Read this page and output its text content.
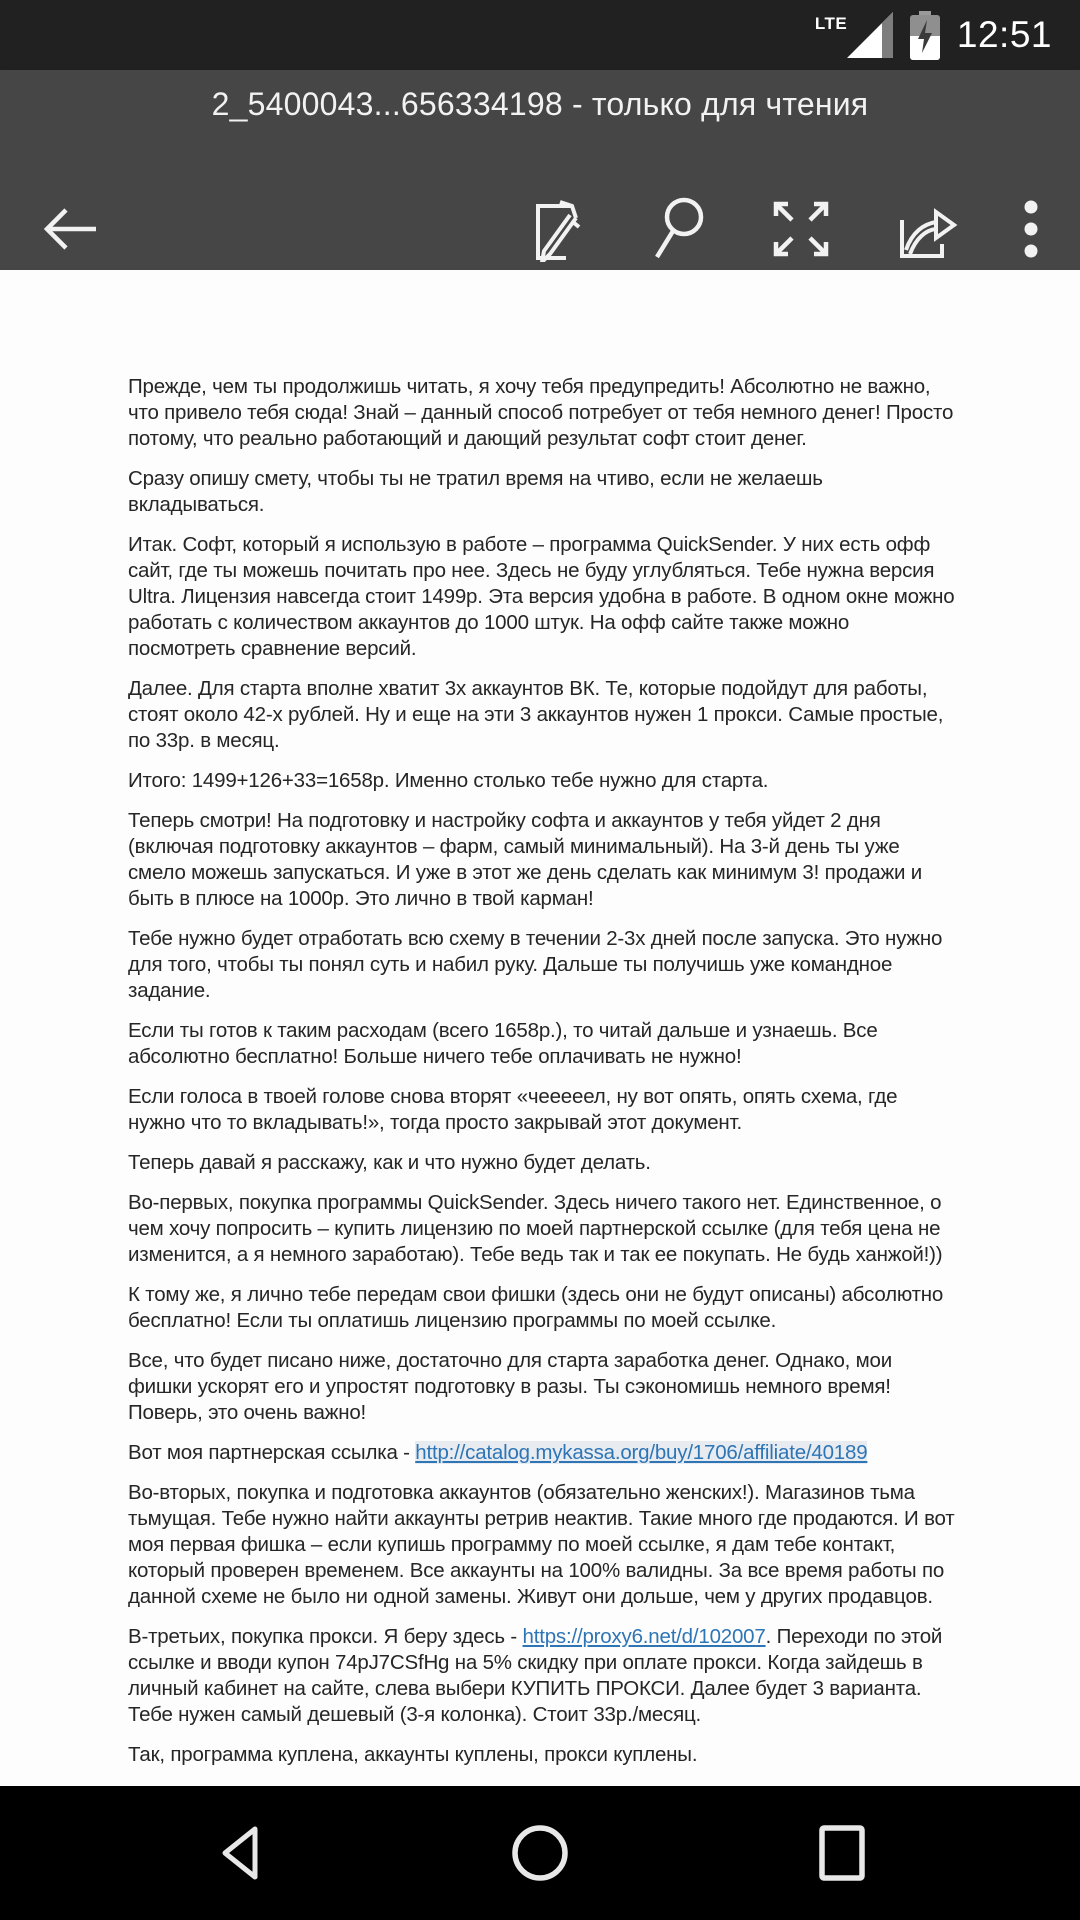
LTE	12:51
2_5400043...656334198 - только для чтения

Прежде, чем ты продолжишь читать, я хочу тебя предупредить! Абсолютно не важно, что привело тебя сюда! Знай – данный способ потребует от тебя немного денег! Просто потому, что реально работающий и дающий результат софт стоит денег.

Сразу опишу смету, чтобы ты не тратил время на чтиво, если не желаешь вкладываться.

Итак. Софт, который я использую в работе – программа QuickSender. У них есть офф сайт, где ты можешь почитать про нее. Здесь не буду углубляться. Тебе нужна версия Ultra. Лицензия навсегда стоит 1499р. Эта версия удобна в работе. В одном окне можно работать с количеством аккаунтов до 1000 штук. На офф сайте также можно посмотреть сравнение версий.

Далее. Для старта вполне хватит 3х аккаунтов ВК. Те, которые подойдут для работы, стоят около 42-х рублей. Ну и еще на эти 3 аккаунтов нужен 1 прокси. Самые простые, по 33р. в месяц.

Итого: 1499+126+33=1658р. Именно столько тебе нужно для старта.

Теперь смотри! На подготовку и настройку софта и аккаунтов у тебя уйдет 2 дня (включая подготовку аккаунтов – фарм, самый минимальный). На 3-й день ты уже смело можешь запускаться. И уже в этот же день сделать как минимум 3! продажи и быть в плюсе на 1000р. Это лично в твой карман!

Тебе нужно будет отработать всю схему в течении 2-3х дней после запуска. Это нужно для того, чтобы ты понял суть и набил руку. Дальше ты получишь уже командное задание.

Если ты готов к таким расходам (всего 1658р.), то читай дальше и узнаешь. Все абсолютно бесплатно! Больше ничего тебе оплачивать не нужно!

Если голоса в твоей голове снова вторят «чееееел, ну вот опять, опять схема, где нужно что то вкладывать!», тогда просто закрывай этот документ.

Теперь давай я расскажу, как и что нужно будет делать.

Во-первых, покупка программы QuickSender. Здесь ничего такого нет. Единственное, о чем хочу попросить – купить лицензию по моей партнерской ссылке (для тебя цена не изменится, а я немного заработаю). Тебе ведь так и так ее покупать. Не будь ханжой!))

К тому же, я лично тебе передам свои фишки (здесь они не будут описаны) абсолютно бесплатно! Если ты оплатишь лицензию программы по моей ссылке.

Все, что будет писано ниже, достаточно для старта заработка денег. Однако, мои фишки ускорят его и упростят подготовку в разы. Ты сэкономишь немного время! Поверь, это очень важно!

Вот моя партнерская ссылка - http://catalog.mykassa.org/buy/1706/affiliate/40189

Во-вторых, покупка и подготовка аккаунтов (обязательно женских!). Магазинов тьма тьмущая. Тебе нужно найти аккаунты ретрив неактив. Такие много где продаются. И вот моя первая фишка – если купишь программу по моей ссылке, я дам тебе контакт, который проверен временем. Все аккаунты на 100% валидны. За все время работы по данной схеме не было ни одной замены. Живут они дольше, чем у других продавцов.

В-третьих, покупка прокси. Я беру здесь - https://proxy6.net/d/102007. Переходи по этой ссылке и вводи купон 74pJ7CSfHg на 5% скидку при оплате прокси. Когда зайдешь в личный кабинет на сайте, слева выбери КУПИТЬ ПРОКСИ. Далее будет 3 варианта. Тебе нужен самый дешевый (3-я колонка). Стоит 33р./месяц.

Так, программа куплена, аккаунты куплены, прокси куплены.
